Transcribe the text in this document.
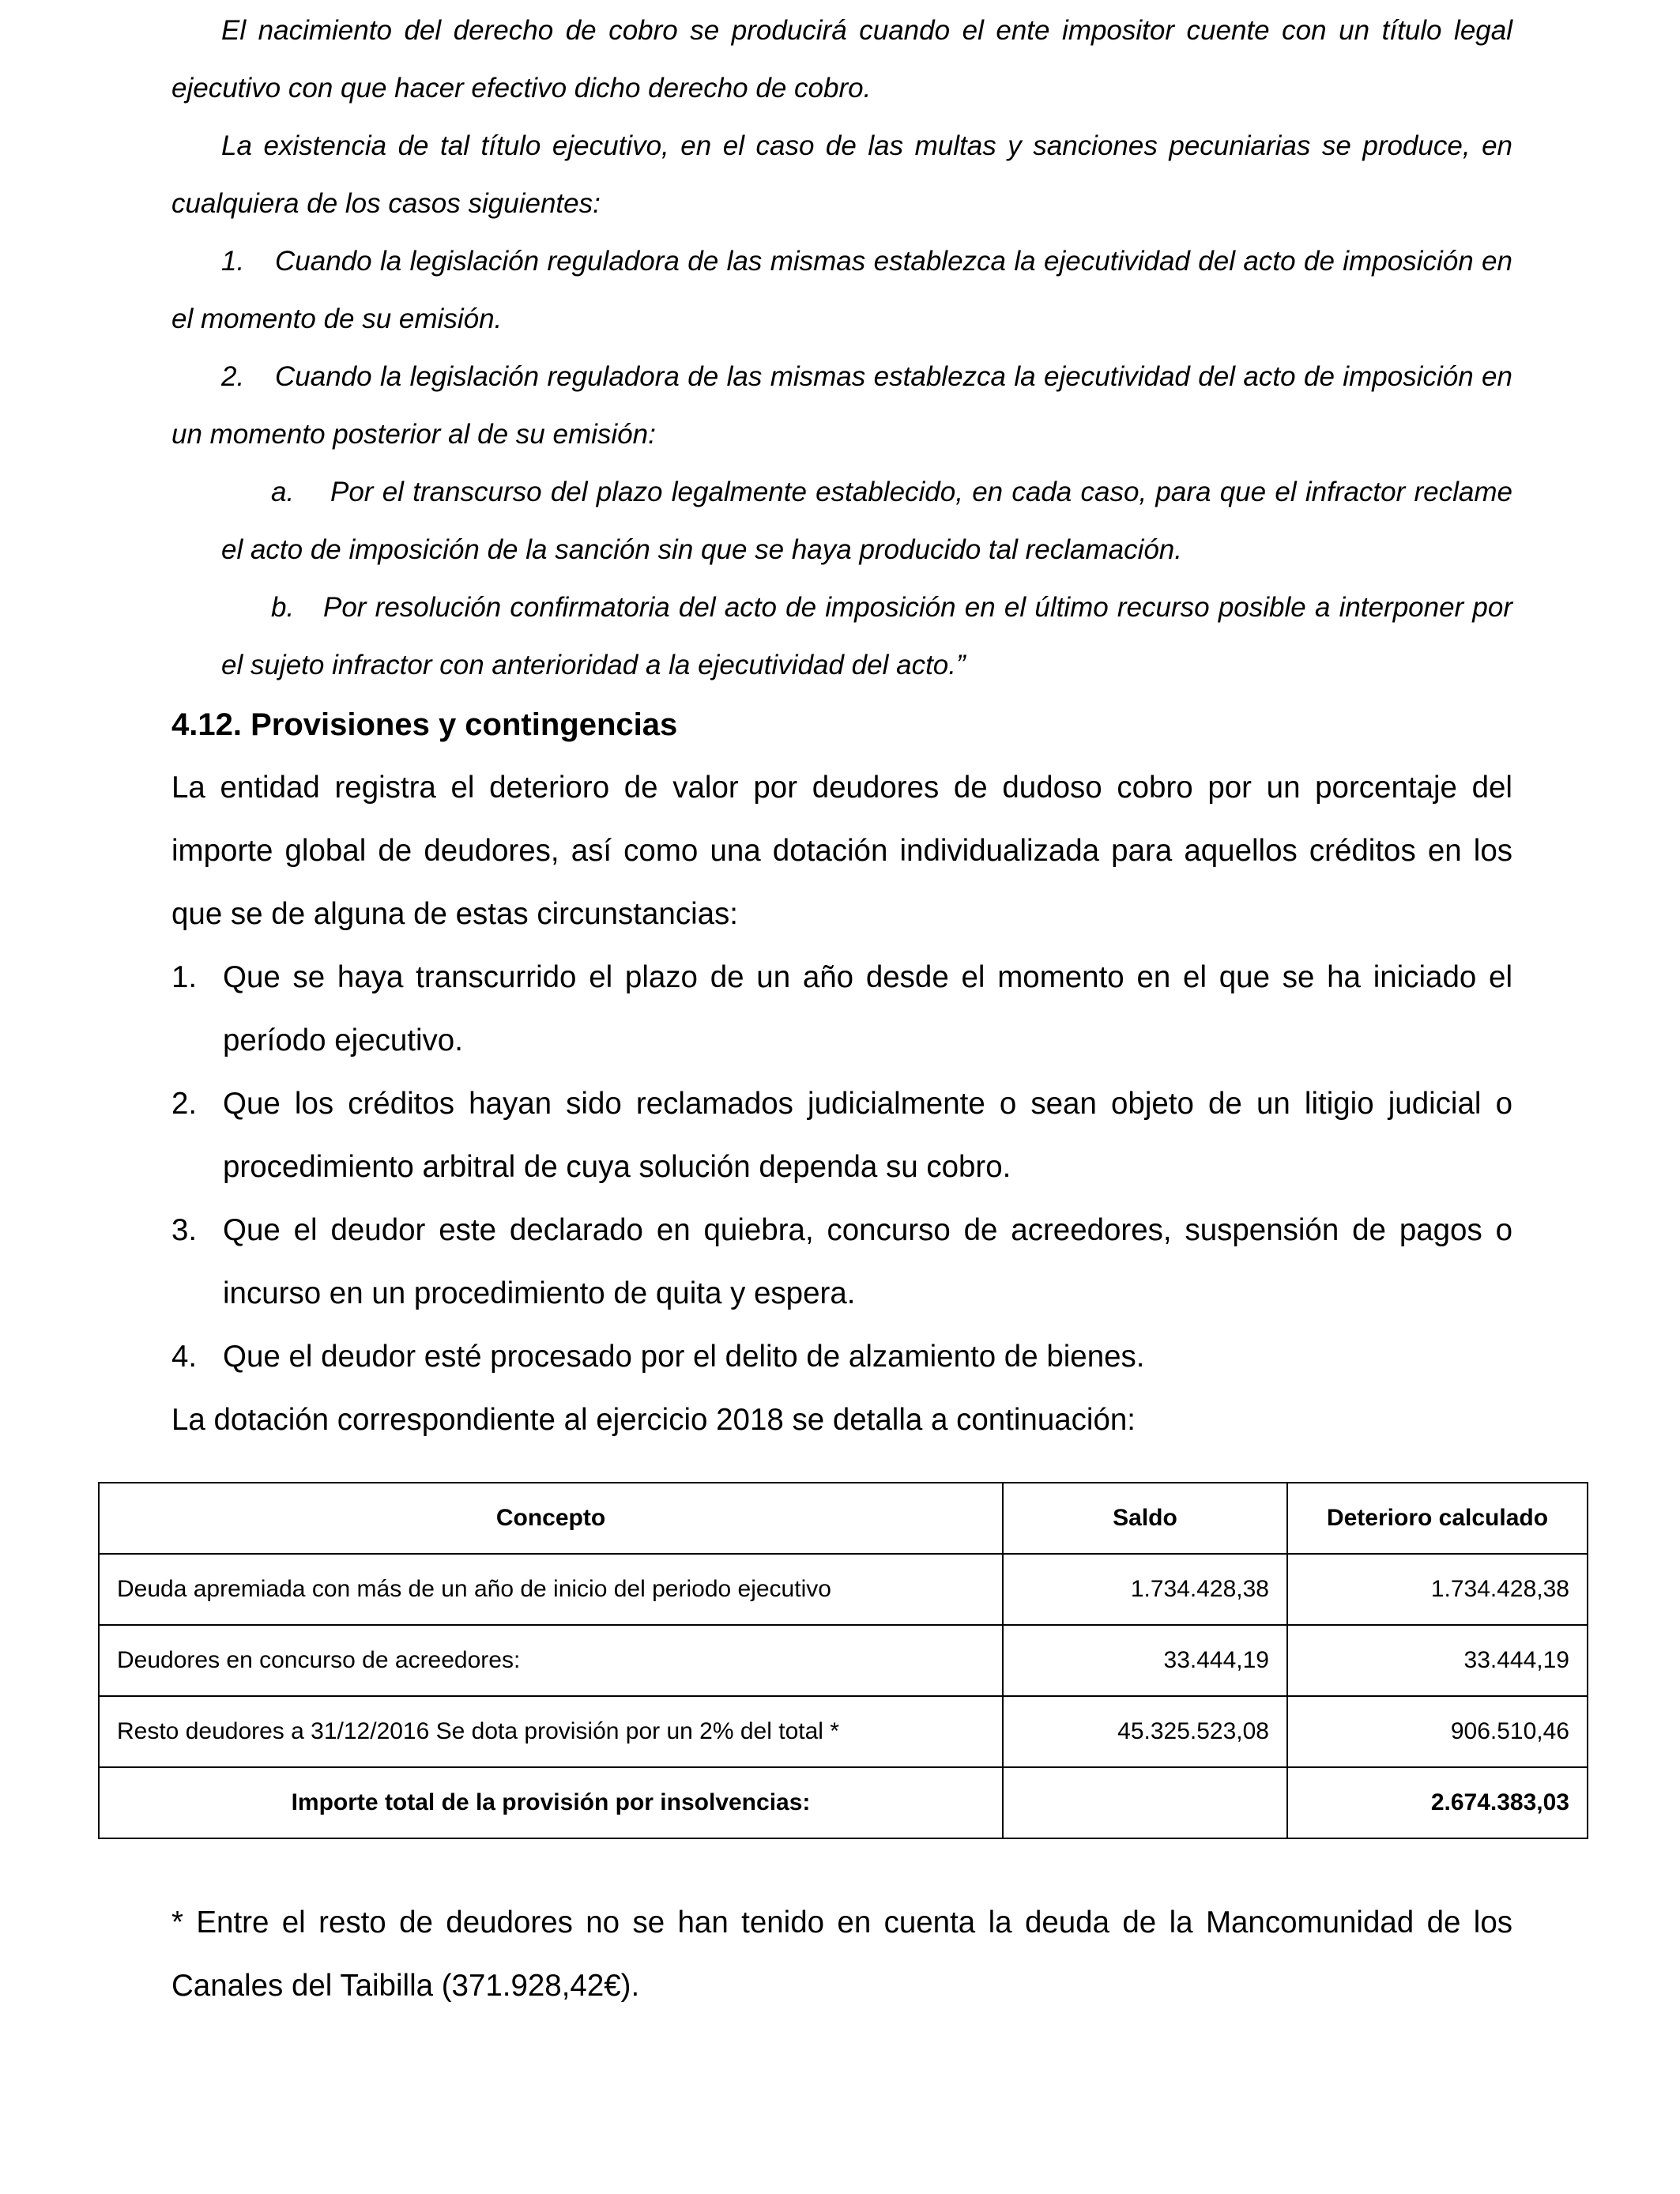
El nacimiento del derecho de cobro se producirá cuando el ente impositor cuente con un título legal ejecutivo con que hacer efectivo dicho derecho de cobro.

La existencia de tal título ejecutivo, en el caso de las multas y sanciones pecuniarias se produce, en cualquiera de los casos siguientes:

1.	Cuando la legislación reguladora de las mismas establezca la ejecutividad del acto de imposición en el momento de su emisión.

2.	Cuando la legislación reguladora de las mismas establezca la ejecutividad del acto de imposición en un momento posterior al de su emisión:

a.	Por el transcurso del plazo legalmente establecido, en cada caso, para que el infractor reclame el acto de imposición de la sanción sin que se haya producido tal reclamación.

b.	Por resolución confirmatoria del acto de imposición en el último recurso posible a interponer por el sujeto infractor con anterioridad a la ejecutividad del acto.”

4.12. Provisiones y contingencias

La entidad registra el deterioro de valor por deudores de dudoso cobro por un porcentaje del importe global de deudores, así como una dotación individualizada para aquellos créditos en los que se de alguna de estas circunstancias:

1. Que se haya transcurrido el plazo de un año desde el momento en el que se ha iniciado el período ejecutivo.

2. Que los créditos hayan sido reclamados judicialmente o sean objeto de un litigio judicial o procedimiento arbitral de cuya solución dependa su cobro.

3. Que el deudor este declarado en quiebra, concurso de acreedores, suspensión de pagos o incurso en un procedimiento de quita y espera.

4. Que el deudor esté procesado por el delito de alzamiento de bienes.

La dotación correspondiente al ejercicio 2018 se detalla a continuación:

Concepto	Saldo	Deterioro calculado
Deuda apremiada con más de un año de inicio del periodo ejecutivo	1.734.428,38	1.734.428,38
Deudores en concurso de acreedores:	33.444,19	33.444,19
Resto deudores a 31/12/2016 Se dota provisión por un 2% del total *	45.325.523,08	906.510,46
Importe total de la provisión por insolvencias:		2.674.383,03

* Entre el resto de deudores no se han tenido en cuenta la deuda de la Mancomunidad de los Canales del Taibilla (371.928,42€).
